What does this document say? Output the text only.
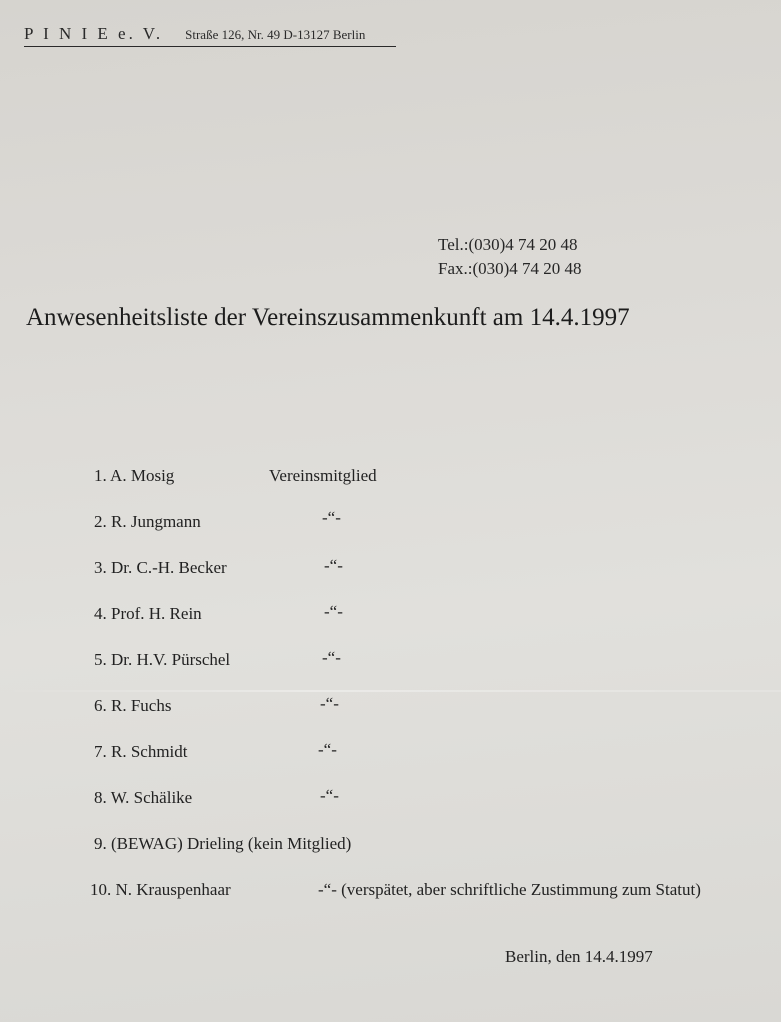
P I N I E e. V. Straße 126, Nr. 49 D-13127 Berlin
Tel.:(030)4 74 20 48
Fax.:(030)4 74 20 48
Anwesenheitsliste der Vereinszusammenkunft am 14.4.1997
1. A. Mosig	Vereinsmitglied
2. R. Jungmann	-“-
3. Dr. C.-H. Becker	-“-
4. Prof. H. Rein	-“-
5. Dr. H.V. Pürschel	-“-
6. R. Fuchs	-“-
7. R. Schmidt	-“-
8. W. Schälike	-“-
9. (BEWAG) Drieling (kein Mitglied)
10. N. Krauspenhaar	-“- (verspätet, aber schriftliche Zustimmung zum Statut)
Berlin, den 14.4.1997
